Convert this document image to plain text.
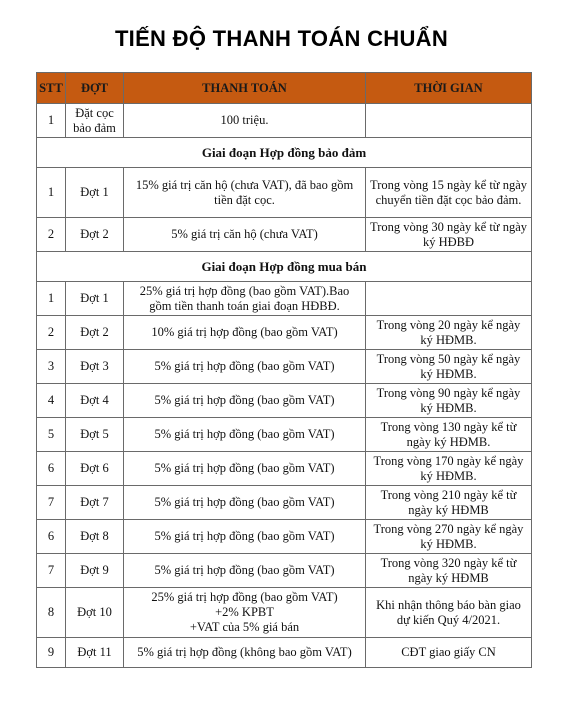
TIẾN ĐỘ THANH TOÁN CHUẨN
STT	ĐỢT	THANH TOÁN	THỜI GIAN
1	Đặt cọc bảo đảm	100 triệu.	
Giai đoạn Hợp đồng bảo đảm			
1	Đợt 1	15% giá trị căn hộ (chưa VAT), đã bao gồm tiền đặt cọc.	Trong vòng 15 ngày kể từ ngày chuyển tiền đặt cọc bảo đảm.
2	Đợt 2	5% giá trị căn hộ (chưa VAT)	Trong vòng 30 ngày kể từ ngày ký HĐBĐ
Giai đoạn Hợp đồng mua bán			
1	Đợt 1	25% giá trị hợp đồng (bao gồm VAT).Bao gồm tiền thanh toán giai đoạn HĐBĐ.	
2	Đợt 2	10% giá trị hợp đồng (bao gồm VAT)	Trong vòng 20 ngày kể ngày ký HĐMB.
3	Đợt 3	5% giá trị hợp đồng (bao gồm VAT)	Trong vòng 50 ngày kể ngày ký HĐMB.
4	Đợt 4	5% giá trị hợp đồng (bao gồm VAT)	Trong vòng 90 ngày kể ngày ký HĐMB.
5	Đợt 5	5% giá trị hợp đồng (bao gồm VAT)	Trong vòng 130 ngày kể từ ngày ký HĐMB.
6	Đợt 6	5% giá trị hợp đồng (bao gồm VAT)	Trong vòng 170 ngày kể ngày ký HĐMB.
7	Đợt 7	5% giá trị hợp đồng (bao gồm VAT)	Trong vòng 210 ngày kể từ ngày ký HĐMB
6	Đợt 8	5% giá trị hợp đồng (bao gồm VAT)	Trong vòng 270 ngày kể ngày ký HĐMB.
7	Đợt 9	5% giá trị hợp đồng (bao gồm VAT)	Trong vòng 320 ngày kể từ ngày ký HĐMB
8	Đợt 10	25% giá trị hợp đồng (bao gồm VAT)
+2% KPBT
+VAT của 5% giá bán	Khi nhận thông báo bàn giao dự kiến Quý 4/2021.
9	Đợt 11	5% giá trị hợp đồng (không bao gồm VAT)	CĐT giao giấy CN
